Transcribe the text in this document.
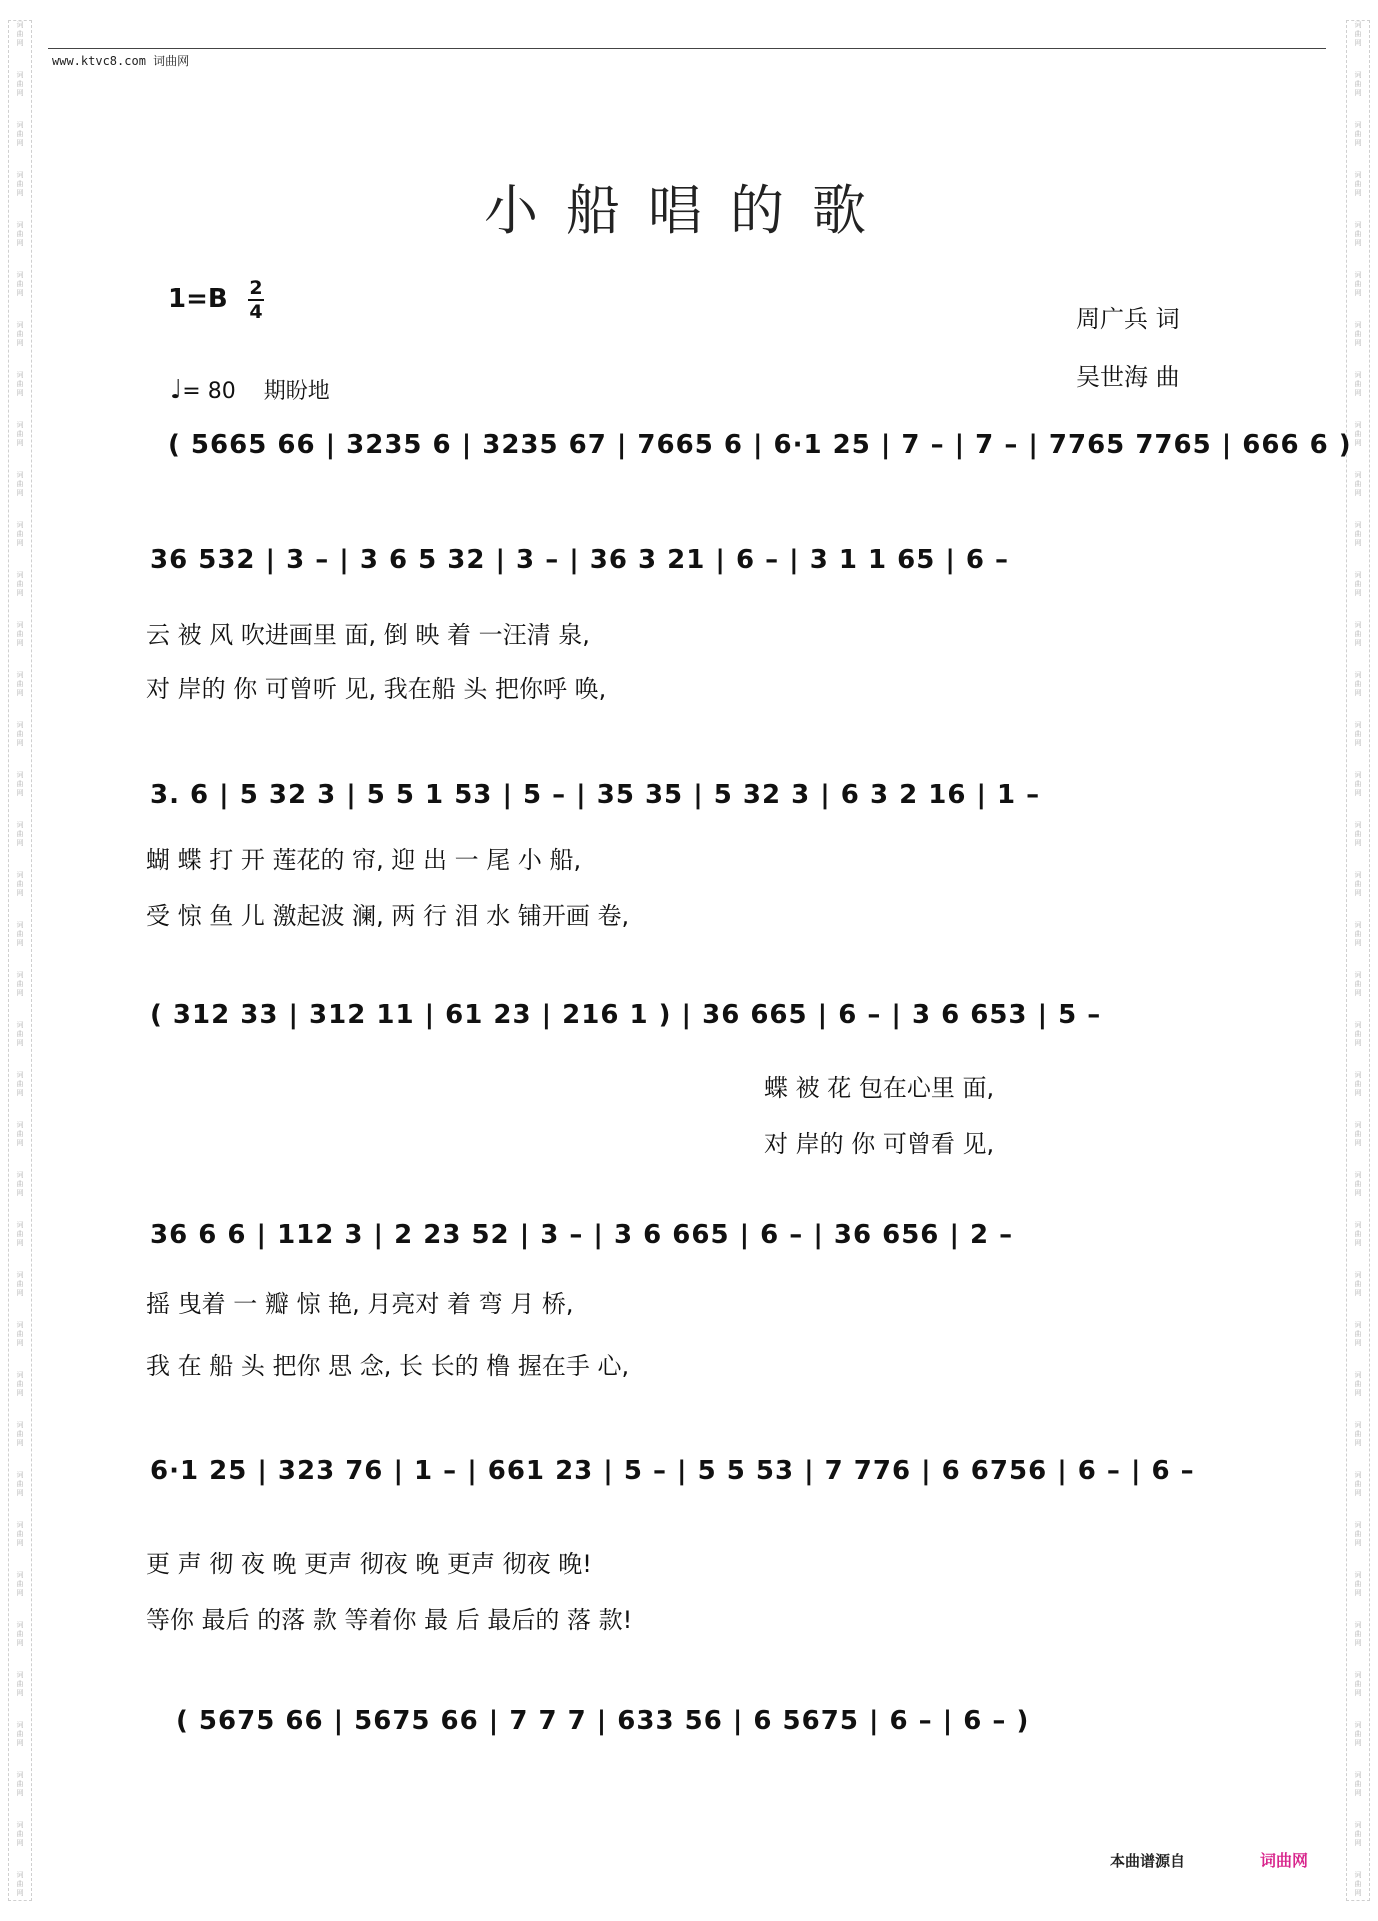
词
曲
网
词
曲
网
词
曲
网
词
曲
网
词
曲
网
词
曲
网
词
曲
网
词
曲
网
词
曲
网
词
曲
网
词
曲
网
词
曲
网
词
曲
网
词
曲
网
词
曲
网
词
曲
网
词
曲
网
词
曲
网
词
曲
网
词
曲
网
词
曲
网
词
曲
网
词
曲
网
词
曲
网
词
曲
网
词
曲
网
词
曲
网
词
曲
网
词
曲
网
词
曲
网
词
曲
网
词
曲
网
词
曲
网
词
曲
网
词
曲
网
词
曲
网
词
曲
网
词
曲
网
词
曲
网
词
曲
网
词
曲
网
词
曲
网
词
曲
网
词
曲
网
词
曲
网
词
曲
网
词
曲
网
词
曲
网
词
曲
网
词
曲
网
词
曲
网
词
曲
网
词
曲
网
词
曲
网
词
曲
网
词
曲
网
词
曲
网
词
曲
网
词
曲
网
词
曲
网
词
曲
网
词
曲
网
词
曲
网
词
曲
网
词
曲
网
词
曲
网
词
曲
网
词
曲
网
词
曲
网
词
曲
网
词
曲
网
词
曲
网
词
曲
网
词
曲
网
词
曲
网
词
曲
网
www.ktvc8.com 词曲网
小船唱的歌
1=B 2
4
♩= 80 期盼地
周广兵 词
吴世海 曲
( 5665 66 | 3235 6 | 3235 67 | 7665 6 | 6·1 25 | 7 – | 7 – | 7765 7765 | 666 6 )
36 532 | 3 – | 3 6 5 32 | 3 – | 36 3 21 | 6 – | 3 1 1 65 | 6 –
云 被 风 吹进画里 面, 倒 映 着 一汪清 泉,
对 岸的 你 可曾听 见, 我在船 头 把你呼 唤,
3. 6 | 5 32 3 | 5 5 1 53 | 5 – | 35 35 | 5 32 3 | 6 3 2 16 | 1 –
蝴 蝶 打 开 莲花的 帘, 迎 出 一 尾 小 船,
受 惊 鱼 儿 激起波 澜, 两 行 泪 水 铺开画 卷,
( 312 33 | 312 11 | 61 23 | 216 1 ) | 36 665 | 6 – | 3 6 653 | 5 –
蝶 被 花 包在心里 面,
对 岸的 你 可曾看 见,
36 6 6 | 112 3 | 2 23 52 | 3 – | 3 6 665 | 6 – | 36 656 | 2 –
摇 曳着 一 瓣 惊 艳, 月亮对 着 弯 月 桥,
我 在 船 头 把你 思 念, 长 长的 橹 握在手 心,
6·1 25 | 323 76 | 1 – | 661 23 | 5 – | 5 5 53 | 7 776 | 6 6756 | 6 – | 6 –
更 声 彻 夜 晚 更声 彻夜 晚 更声 彻夜 晚!
等你 最后 的落 款 等着你 最 后 最后的 落 款!
( 5675 66 | 5675 66 | 7 7 7 | 633 56 | 6 5675 | 6 – | 6 – )
本曲谱源自	词曲网
